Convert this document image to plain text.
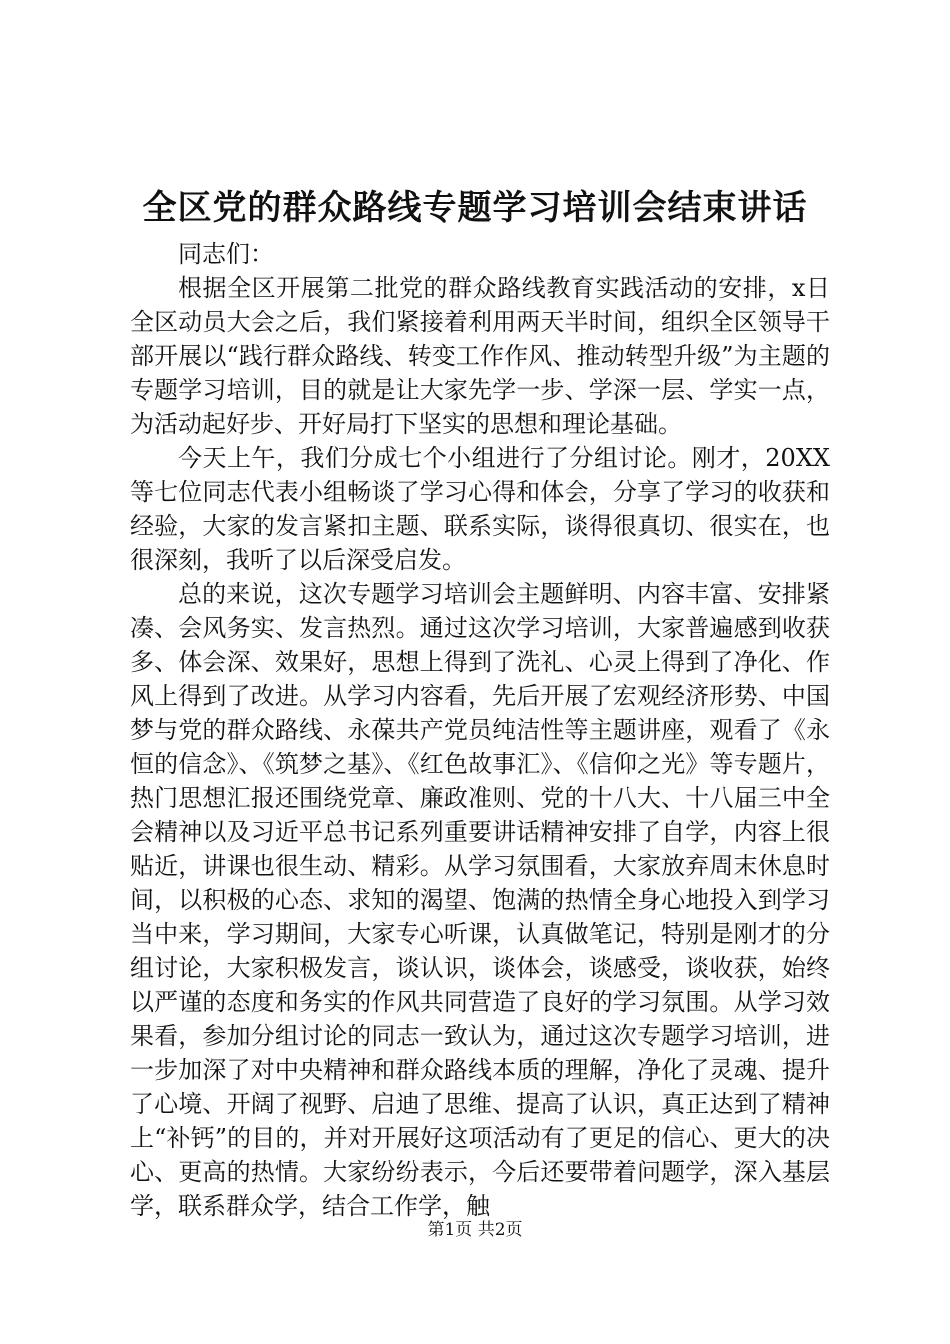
全区党的群众路线专题学习培训会结束讲话

同志们：

根据全区开展第二批党的群众路线教育实践活动的安排，x日全区动员大会之后，我们紧接着利用两天半时间，组织全区领导干部开展以“践行群众路线、转变工作作风、推动转型升级”为主题的专题学习培训，目的就是让大家先学一步、学深一层、学实一点，为活动起好步、开好局打下坚实的思想和理论基础。

今天上午，我们分成七个小组进行了分组讨论。刚才，20XX等七位同志代表小组畅谈了学习心得和体会，分享了学习的收获和经验，大家的发言紧扣主题、联系实际，谈得很真切、很实在，也很深刻，我听了以后深受启发。

总的来说，这次专题学习培训会主题鲜明、内容丰富、安排紧凑、会风务实、发言热烈。通过这次学习培训，大家普遍感到收获多、体会深、效果好，思想上得到了洗礼、心灵上得到了净化、作风上得到了改进。从学习内容看，先后开展了宏观经济形势、中国梦与党的群众路线、永葆共产党员纯洁性等主题讲座，观看了《永恒的信念》、《筑梦之基》、《红色故事汇》、《信仰之光》等专题片，热门思想汇报还围绕党章、廉政准则、党的十八大、十八届三中全会精神以及习近平总书记系列重要讲话精神安排了自学，内容上很贴近，讲课也很生动、精彩。从学习氛围看，大家放弃周末休息时间，以积极的心态、求知的渴望、饱满的热情全身心地投入到学习当中来，学习期间，大家专心听课，认真做笔记，特别是刚才的分组讨论，大家积极发言，谈认识，谈体会，谈感受，谈收获，始终以严谨的态度和务实的作风共同营造了良好的学习氛围。从学习效果看，参加分组讨论的同志一致认为，通过这次专题学习培训，进一步加深了对中央精神和群众路线本质的理解，净化了灵魂、提升了心境、开阔了视野、启迪了思维、提高了认识，真正达到了精神上“补钙”的目的，并对开展好这项活动有了更足的信心、更大的决心、更高的热情。大家纷纷表示，今后还要带着问题学，深入基层学，联系群众学，结合工作学，触

第1页 共2页
